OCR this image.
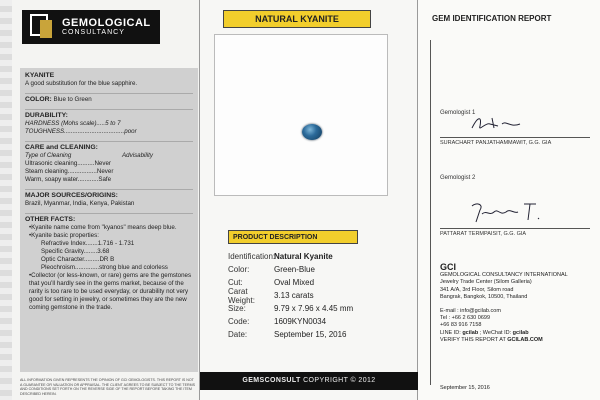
GEMOLOGICAL
CONSULTANCY
KYANITE
A good substitution for the blue sapphire.
COLOR: Blue to Green
DURABILITY:
HARDNESS (Mohs scale).....5 to 7
TOUGHNESS...................................poor
CARE and CLEANING:
Type of Cleaning	Advisability
Ultrasonic cleaning..........Never
Steam cleaning.................Never
Warm, soapy water............Safe
MAJOR SOURCES/ORIGINS:
Brazil, Myanmar, India, Kenya, Pakistan
OTHER FACTS:
• Kyanite name come from "kyanos" means deep blue.
• Kyanite basic properties:
Refractive Index.......1.716 - 1.731
Specific Gravity........3.68
Optic Character.........DR B
Pleochroism..............strong blue and colorless
• Collector (or less-known, or rare) gems are the gemstones that you’ll hardly see in the gems market, because of the rarity is too rare to be used everyday, or durability not very good for setting in jewelry, or sometimes they are the new coming gemstone in the trade.
ALL INFORMATION GIVEN REPRESENTS THE OPINION OF GCI GEMOLOGISTS. THIS REPORT IS NOT A GUARANTEE OR VALUATION OR APPRAISAL. THE CLIENT AGREES TO BE SUBJECT TO THE TERMS AND CONDITIONS SET FORTH ON THE REVERSE SIDE OF THE REPORT BEFORE TAKING THE ITEM DESCRIBED HEREIN.
NATURAL KYANITE
PRODUCT DESCRIPTION
Identification:
Natural Kyanite
Color:	Green-Blue
Cut:	Oval Mixed
Carat Weight:	3.13 carats
Size:	9.79 x 7.96 x 4.45 mm
Code:	1609KYN0034
Date:	September 15, 2016
GEMSCONSULT COPYRIGHT © 2012
GEM IDENTIFICATION REPORT
Gemologist 1
SURACHART PANJATHAMMAWIT, G.G. GIA
Gemologist 2
PATTARAT TERMPAISIT, G.G. GIA
GCI
GEMOLOGICAL CONSULTANCY INTERNATIONAL
Jewelry Trade Center (Silom Galleria)
341 A/A, 3rd Floor, Silom road
Bangrak, Bangkok, 10500, Thailand
E-mail : info@gcilab.com
Tel : +66 2 630 0699
+66 83 916 7158
LINE ID: gcilab ; WeChat ID: gcilab
VERIFY THIS REPORT AT GCILAB.COM
September 15, 2016
